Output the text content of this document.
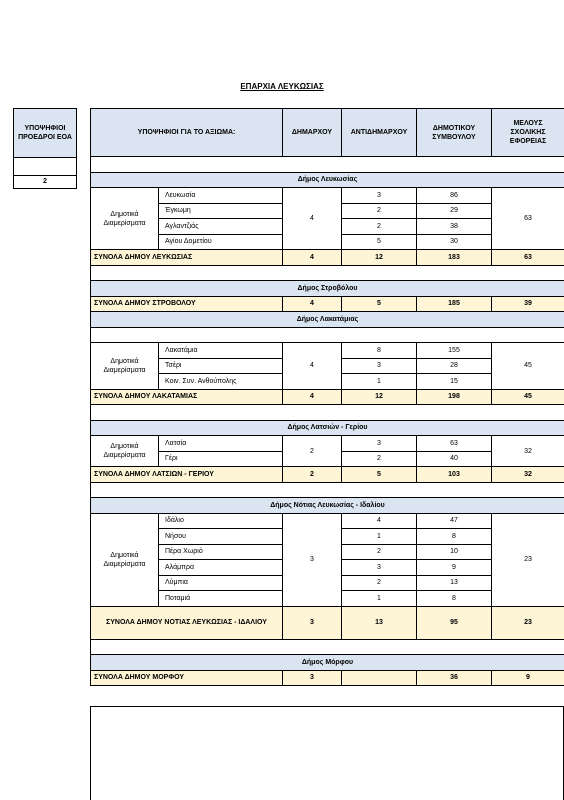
ΕΠΑΡΧΙΑ ΛΕΥΚΩΣΙΑΣ
ΥΠΟΨΗΦΙΟΙ ΠΡΟΕΔΡΟΙ ΕΟΑ

2
ΥΠΟΨΗΦΙΟΙ ΓΙΑ ΤΟ ΑΞΙΩΜΑ:		ΔΗΜΑΡΧΟΥ	ΑΝΤΙΔΗΜΑΡΧΟΥ	ΔΗΜΟΤΙΚΟΥ ΣΥΜΒΟΥΛΟΥ	ΜΕΛΟΥΣ ΣΧΟΛΙΚΗΣ ΕΦΟΡΕΙΑΣ

Δήμος Λευκωσίας					
Δημοτικά Διαμερίσματα	Λευκωσία	4	3	86	63
	Έγκωμη		2	29	
	Αγλαντζιάς		2	38	
	Αγίου Δομετίου		5	30	
ΣΥΝΟΛΑ ΔΗΜΟΥ ΛΕΥΚΩΣΙΑΣ		4	12	183	63

Δήμος Στροβόλου					
ΣΥΝΟΛΑ ΔΗΜΟΥ ΣΤΡΟΒΟΛΟΥ		4	5	185	39
Δήμος Λακατάμιας					

Δημοτικά Διαμερίσματα	Λακατάμια	4	8	155	45
	Τσέρι		3	28	
	Κοιν. Συν. Ανθούπολης		1	15	
ΣΥΝΟΛΑ ΔΗΜΟΥ ΛΑΚΑΤΑΜΙΑΣ		4	12	198	45

Δήμος Λατσιών - Γερίου					
Δημοτικά Διαμερίσματα	Λατσία	2	3	63	32
	Γέρι		2	40	
ΣΥΝΟΛΑ ΔΗΜΟΥ ΛΑΤΣΙΩΝ - ΓΕΡΙΟΥ		2	5	103	32

Δήμος Νότιας Λευκωσίας - Ιδαλίου					
Δημοτικά Διαμερίσματα	Ιδάλιο	3	4	47	23
	Νήσου		1	8	
	Πέρα Χωριό		2	10	
	Αλάμπρα		3	9	
	Λύμπια		2	13	
	Ποταμιά		1	8	
ΣΥΝΟΛΑ ΔΗΜΟΥ ΝΟΤΙΑΣ ΛΕΥΚΩΣΙΑΣ - ΙΔΑΛΙΟΥ		3	13	95	23

Δήμος Μόρφου					
ΣΥΝΟΛΑ ΔΗΜΟΥ ΜΟΡΦΟΥ		3		36	9
